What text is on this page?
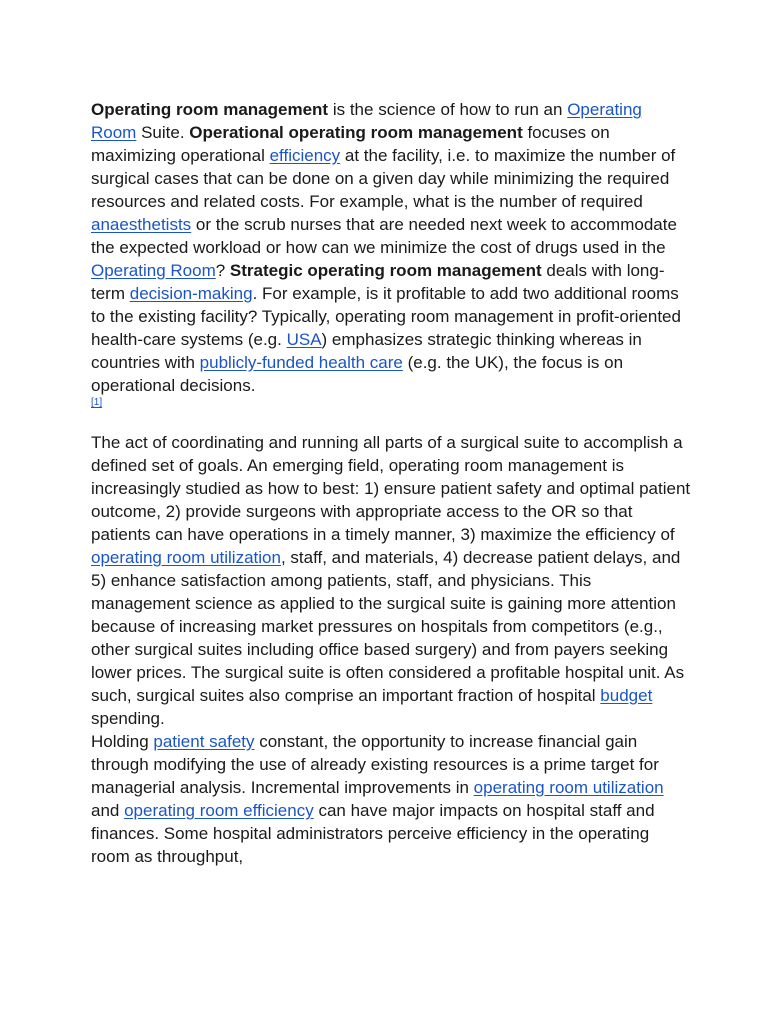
Operating room management is the science of how to run an Operating Room Suite. Operational operating room management focuses on maximizing operational efficiency at the facility, i.e. to maximize the number of surgical cases that can be done on a given day while minimizing the required resources and related costs. For example, what is the number of required anaesthetists or the scrub nurses that are needed next week to accommodate the expected workload or how can we minimize the cost of drugs used in the Operating Room? Strategic operating room management deals with long-term decision-making. For example, is it profitable to add two additional rooms to the existing facility? Typically, operating room management in profit-oriented health-care systems (e.g. USA) emphasizes strategic thinking whereas in countries with publicly-funded health care (e.g. the UK), the focus is on operational decisions.

[1]

The act of coordinating and running all parts of a surgical suite to accomplish a defined set of goals. An emerging field, operating room management is increasingly studied as how to best: 1) ensure patient safety and optimal patient outcome, 2) provide surgeons with appropriate access to the OR so that patients can have operations in a timely manner, 3) maximize the efficiency of operating room utilization, staff, and materials, 4) decrease patient delays, and 5) enhance satisfaction among patients, staff, and physicians. This management science as applied to the surgical suite is gaining more attention because of increasing market pressures on hospitals from competitors (e.g., other surgical suites including office based surgery) and from payers seeking lower prices. The surgical suite is often considered a profitable hospital unit. As such, surgical suites also comprise an important fraction of hospital budget spending.
Holding patient safety constant, the opportunity to increase financial gain through modifying the use of already existing resources is a prime target for managerial analysis. Incremental improvements in operating room utilization and operating room efficiency can have major impacts on hospital staff and finances. Some hospital administrators perceive efficiency in the operating room as throughput,
